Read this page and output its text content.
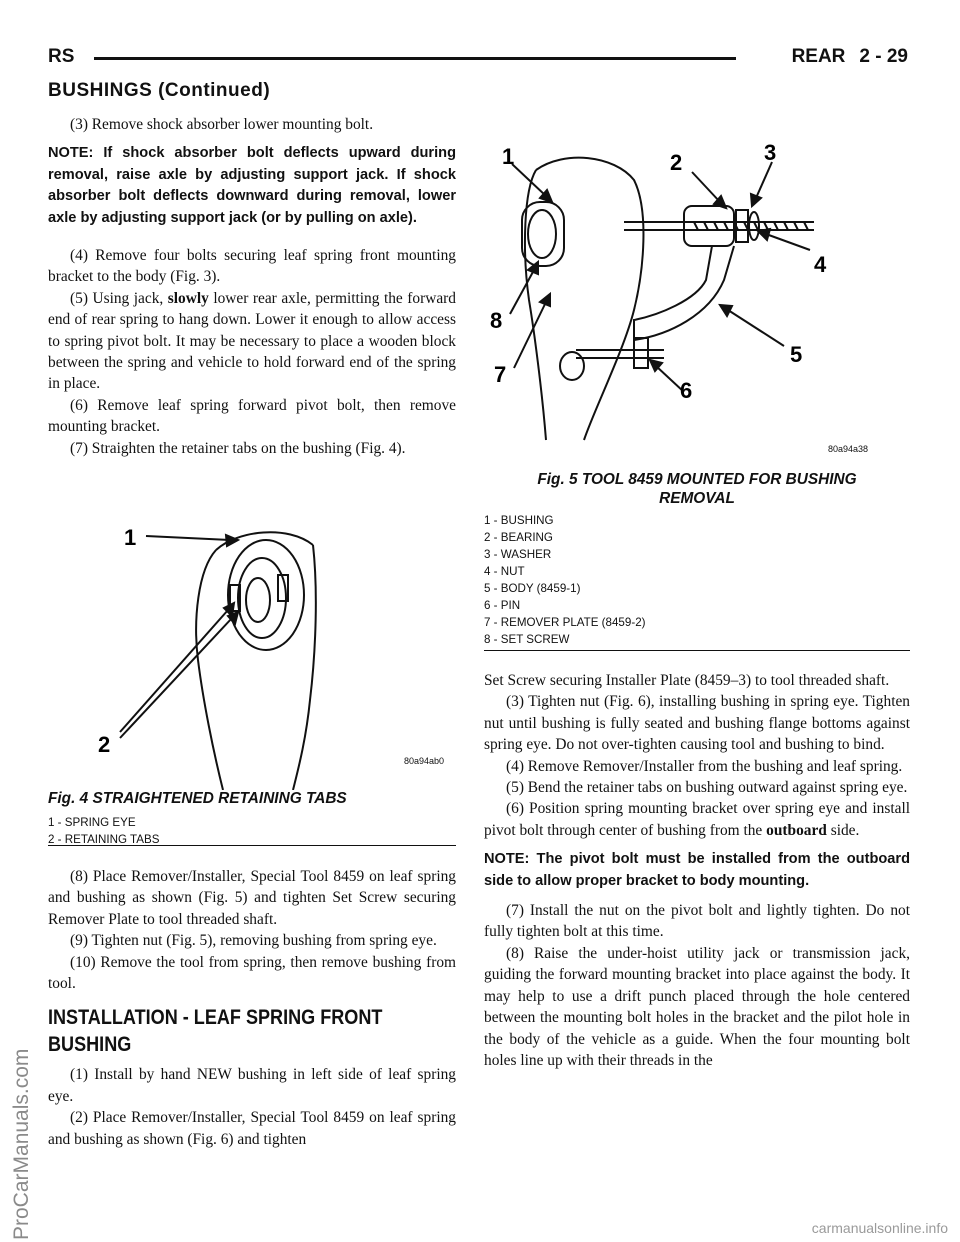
RS	REAR 2 - 29
BUSHINGS (Continued)

(3) Remove shock absorber lower mounting bolt.

NOTE: If shock absorber bolt deflects upward during removal, raise axle by adjusting support jack. If shock absorber bolt deflects downward during removal, lower axle by adjusting support jack (or by pulling on axle).

(4) Remove four bolts securing leaf spring front mounting bracket to the body (Fig. 3).

(5) Using jack, slowly lower rear axle, permitting the forward end of rear spring to hang down. Lower it enough to allow access to spring pivot bolt. It may be necessary to place a wooden block between the spring and vehicle to hold forward end of the spring in place.

(6) Remove leaf spring forward pivot bolt, then remove mounting bracket.

(7) Straighten the retainer tabs on the bushing (Fig. 4).

1
2
80a94ab0
Fig. 4 STRAIGHTENED RETAINING TABS
1 - SPRING EYE
2 - RETAINING TABS

(8) Place Remover/Installer, Special Tool 8459 on leaf spring and bushing as shown (Fig. 5) and tighten Set Screw securing Remover Plate to tool threaded shaft.

(9) Tighten nut (Fig. 5), removing bushing from spring eye.

(10) Remove the tool from spring, then remove bushing from tool.

INSTALLATION - LEAF SPRING FRONT
BUSHING

(1) Install by hand NEW bushing in left side of leaf spring eye.

(2) Place Remover/Installer, Special Tool 8459 on leaf spring and bushing as shown (Fig. 6) and tighten

1	2	3
4
5
6
7
8
80a94a38
Fig. 5 TOOL 8459 MOUNTED FOR BUSHING
REMOVAL
1 - BUSHING
2 - BEARING
3 - WASHER
4 - NUT
5 - BODY (8459-1)
6 - PIN
7 - REMOVER PLATE (8459-2)
8 - SET SCREW

Set Screw securing Installer Plate (8459–3) to tool threaded shaft.

(3) Tighten nut (Fig. 6), installing bushing in spring eye. Tighten nut until bushing is fully seated and bushing flange bottoms against spring eye. Do not over-tighten causing tool and bushing to bind.

(4) Remove Remover/Installer from the bushing and leaf spring.

(5) Bend the retainer tabs on bushing outward against spring eye.

(6) Position spring mounting bracket over spring eye and install pivot bolt through center of bushing from the outboard side.

NOTE: The pivot bolt must be installed from the outboard side to allow proper bracket to body mounting.

(7) Install the nut on the pivot bolt and lightly tighten. Do not fully tighten bolt at this time.

(8) Raise the under-hoist utility jack or transmission jack, guiding the forward mounting bracket into place against the body. It may help to use a drift punch placed through the hole centered between the mounting bolt holes in the bracket and the pilot hole in the body of the vehicle as a guide. When the four mounting bolt holes line up with their threads in the

ProCarManuals.com	carmanualsonline.info
